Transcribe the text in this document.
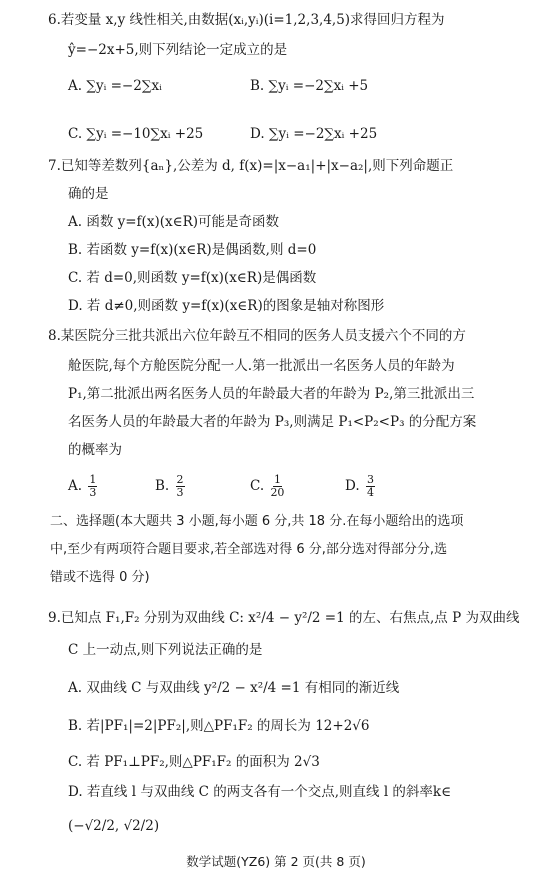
6.若变量 x,y 线性相关,由数据(xᵢ,yᵢ)(i=1,2,3,4,5)求得回归方程为
ŷ=−2x+5,则下列结论一定成立的是
A. ∑yᵢ =−2∑xᵢ	B. ∑yᵢ =−2∑xᵢ +5
C. ∑yᵢ =−10∑xᵢ +25	D. ∑yᵢ =−2∑xᵢ +25
7.已知等差数列{aₙ},公差为 d, f(x)=|x−a₁|+|x−a₂|,则下列命题正
确的是
A. 函数 y=f(x)(x∈R)可能是奇函数
B. 若函数 y=f(x)(x∈R)是偶函数,则 d=0
C. 若 d=0,则函数 y=f(x)(x∈R)是偶函数
D. 若 d≠0,则函数 y=f(x)(x∈R)的图象是轴对称图形
8.某医院分三批共派出六位年龄互不相同的医务人员支援六个不同的方
舱医院,每个方舱医院分配一人.第一批派出一名医务人员的年龄为
P₁,第二批派出两名医务人员的年龄最大者的年龄为 P₂,第三批派出三
名医务人员的年龄最大者的年龄为 P₃,则满足 P₁<P₂<P₃ 的分配方案
的概率为
A. $\frac{1}{3}$	B. $\frac{2}{3}$	C. $\frac{1}{20}$	D. $\frac{3}{4}$
二、选择题(本大题共 3 小题,每小题 6 分,共 18 分.在每小题给出的选项
中,至少有两项符合题目要求,若全部选对得 6 分,部分选对得部分分,选
错或不选得 0 分)
9.已知点 F₁,F₂ 分别为双曲线 C: x²/4 − y²/2 =1 的左、右焦点,点 P 为双曲线
C 上一动点,则下列说法正确的是
A. 双曲线 C 与双曲线 y²/2 − x²/4 =1 有相同的渐近线
B. 若|PF₁|=2|PF₂|,则△PF₁F₂ 的周长为 12+2√6
C. 若 PF₁⊥PF₂,则△PF₁F₂ 的面积为 2√3
D. 若直线 l 与双曲线 C 的两支各有一个交点,则直线 l 的斜率k∈
(−√2/2, √2/2)
数学试题(YZ6) 第 2 页(共 8 页)
